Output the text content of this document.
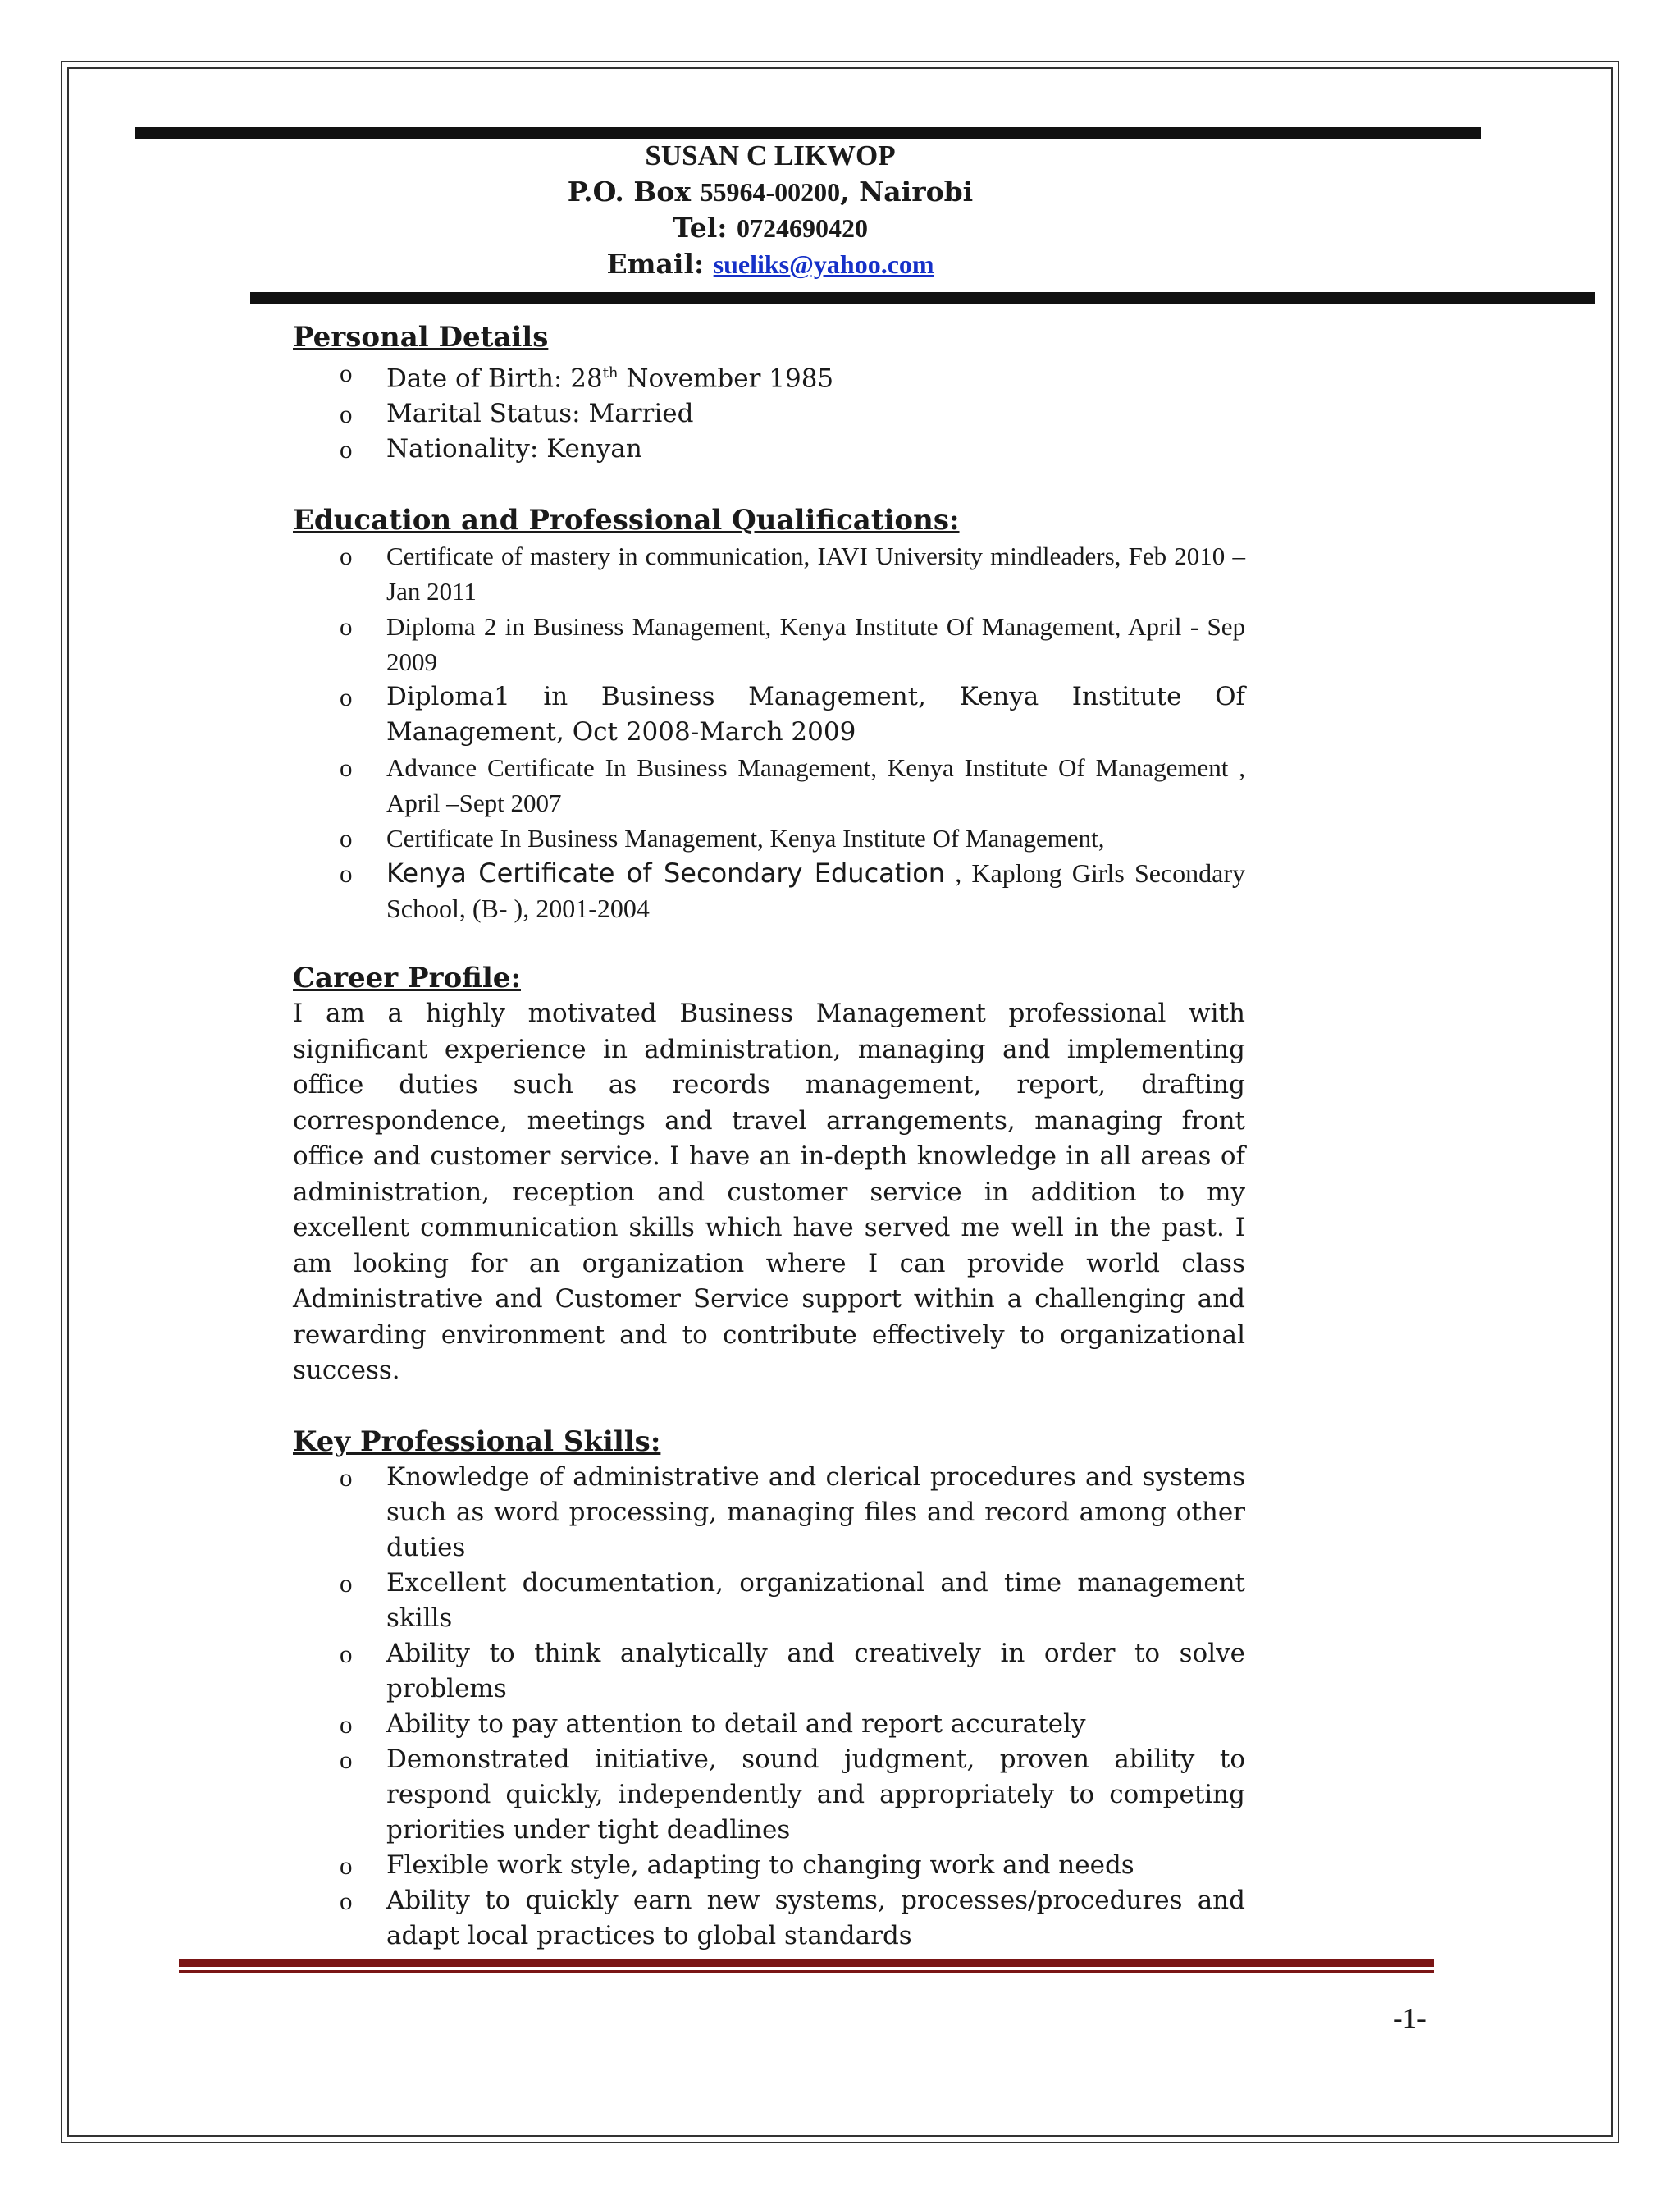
SUSAN C LIKWOP
P.O. Box 55964-00200, Nairobi
Tel: 0724690420
Email: sueliks@yahoo.com
Personal Details
o Date of Birth: 28th November 1985
o Marital Status: Married
o Nationality: Kenyan
Education and Professional Qualifications:
o Certificate of mastery in communication, IAVI University mindleaders, Feb 2010 –Jan 2011
o Diploma 2 in Business Management, Kenya Institute Of Management, April - Sep 2009
o Diploma1 in Business Management, Kenya Institute Of Management, Oct 2008-March 2009
o Advance Certificate In Business Management, Kenya Institute Of Management , April –Sept 2007
o Certificate In Business Management, Kenya Institute Of Management,
o Kenya Certificate of Secondary Education , Kaplong Girls Secondary School, (B- ), 2001-2004
Career Profile:

I am a highly motivated Business Management professional with significant experience in administration, managing and implementing office duties such as records management, report, drafting correspondence, meetings and travel arrangements, managing front office and customer service. I have an in-depth knowledge in all areas of administration, reception and customer service in addition to my excellent communication skills which have served me well in the past. I am looking for an organization where I can provide world class Administrative and Customer Service support within a challenging and rewarding environment and to contribute effectively to organizational success.

Key Professional Skills:
o Knowledge of administrative and clerical procedures and systems such as word processing, managing files and record among other duties
o Excellent documentation, organizational and time management skills
o Ability to think analytically and creatively in order to solve problems
o Ability to pay attention to detail and report accurately
o Demonstrated initiative, sound judgment, proven ability to respond quickly, independently and appropriately to competing priorities under tight deadlines
o Flexible work style, adapting to changing work and needs
o Ability to quickly earn new systems, processes/procedures and adapt local practices to global standards
-1-
